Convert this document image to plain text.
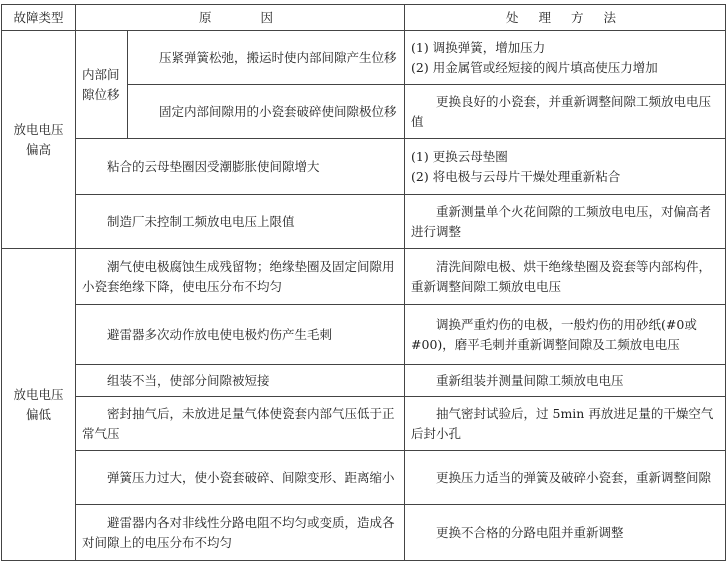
故障类型	原　　因		处 理 方 法
放电电压偏高	内部间隙位移	压紧弹簧松弛，搬运时使内部间隙产生位移	(1) 调换弹簧，增加压力
(2) 用金属管或经短接的阀片填高使压力增加

		固定内部间隙用的小瓷套破碎使间隙极位移	更换良好的小瓷套，并重新调整间隙工频放电电压值
	粘合的云母垫圈因受潮膨胀使间隙增大		(1) 更换云母垫圈
(2) 将电极与云母片干燥处理重新粘合

	制造厂未控制工频放电电压上限值		重新测量单个火花间隙的工频放电电压，对偏高者进行调整
放电电压偏低	潮气使电极腐蚀生成残留物；绝缘垫圈及固定间隙用小瓷套绝缘下降，使电压分布不均匀		清洗间隙电极、烘干绝缘垫圈及瓷套等内部构件，重新调整间隙工频放电电压
	避雷器多次动作放电使电极灼伤产生毛刺		调换严重灼伤的电极，一般灼伤的用砂纸(#0或#00)，磨平毛刺并重新调整间隙及工频放电电压
	组装不当，使部分间隙被短接		重新组装并测量间隙工频放电电压
	密封抽气后，未放进足量气体使瓷套内部气压低于正常气压		抽气密封试验后，过 5min 再放进足量的干燥空气后封小孔
	弹簧压力过大，使小瓷套破碎、间隙变形、距离缩小		更换压力适当的弹簧及破碎小瓷套，重新调整间隙
	避雷器内各对非线性分路电阻不均匀或变质，造成各对间隙上的电压分布不均匀		更换不合格的分路电阻并重新调整
